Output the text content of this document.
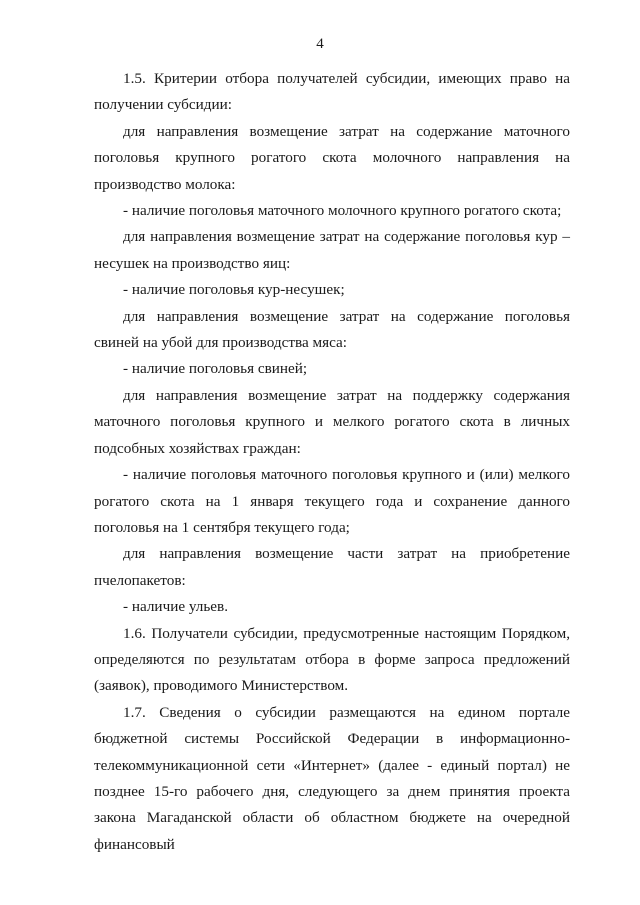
4

1.5. Критерии отбора получателей субсидии, имеющих право на получении субсидии:

для направления возмещение затрат на содержание маточного поголовья крупного рогатого скота молочного направления на производство молока:

- наличие поголовья маточного молочного крупного рогатого скота;

для направления возмещение затрат на содержание поголовья кур – несушек на производство яиц:

- наличие поголовья кур-несушек;

для направления возмещение затрат на содержание поголовья свиней на убой для производства мяса:

- наличие поголовья свиней;

для направления возмещение затрат на поддержку содержания маточного поголовья крупного и мелкого рогатого скота в личных подсобных хозяйствах граждан:

- наличие поголовья маточного поголовья крупного и (или) мелкого рогатого скота на 1 января текущего года и сохранение данного поголовья на 1 сентября текущего года;

для направления возмещение части затрат на приобретение пчелопакетов:

- наличие ульев.

1.6. Получатели субсидии, предусмотренные настоящим Порядком, определяются по результатам отбора в форме запроса предложений (заявок), проводимого Министерством.

1.7. Сведения о субсидии размещаются на едином портале бюджетной системы Российской Федерации в информационно-телекоммуникационной сети «Интернет» (далее - единый портал) не позднее 15-го рабочего дня, следующего за днем принятия проекта закона Магаданской области об областном бюджете на очередной финансовый
